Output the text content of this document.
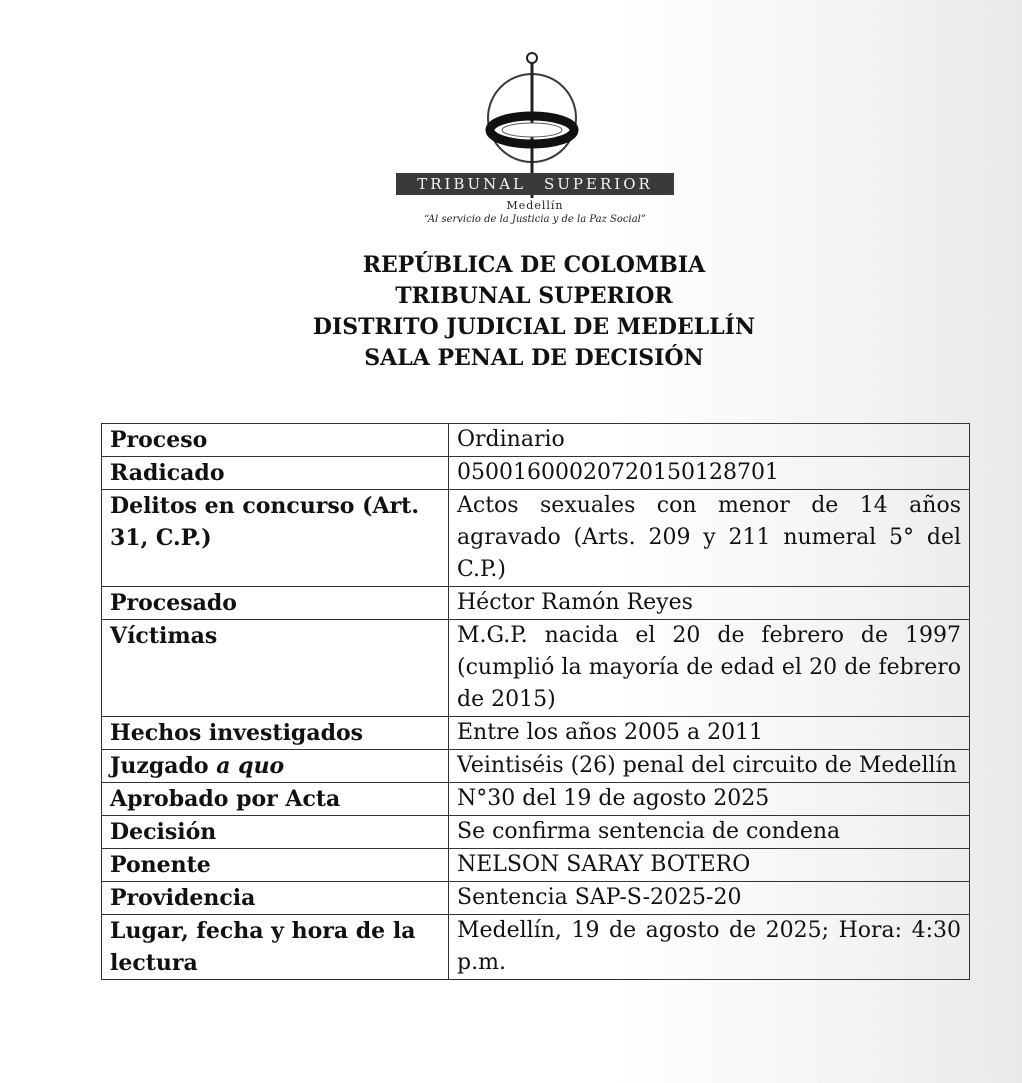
TRIBUNAL SUPERIOR
Medellín
“Al servicio de la Justicia y de la Paz Social”
REPÚBLICA DE COLOMBIA
TRIBUNAL SUPERIOR
DISTRITO JUDICIAL DE MEDELLÍN
SALA PENAL DE DECISIÓN
Proceso	Ordinario
Radicado	05001600020720150128701
Delitos en concurso (Art. 31, C.P.)	Actos sexuales con menor de 14 años agravado (Arts. 209 y 211 numeral 5° del C.P.)
Procesado	Héctor Ramón Reyes
Víctimas	M.G.P. nacida el 20 de febrero de 1997 (cumplió la mayoría de edad el 20 de febrero de 2015)
Hechos investigados	Entre los años 2005 a 2011
Juzgado a quo	Veintiséis (26) penal del circuito de Medellín
Aprobado por Acta	N°30 del 19 de agosto 2025
Decisión	Se confirma sentencia de condena
Ponente	NELSON SARAY BOTERO
Providencia	Sentencia SAP-S-2025-20
Lugar, fecha y hora de la lectura	Medellín, 19 de agosto de 2025; Hora: 4:30 p.m.
